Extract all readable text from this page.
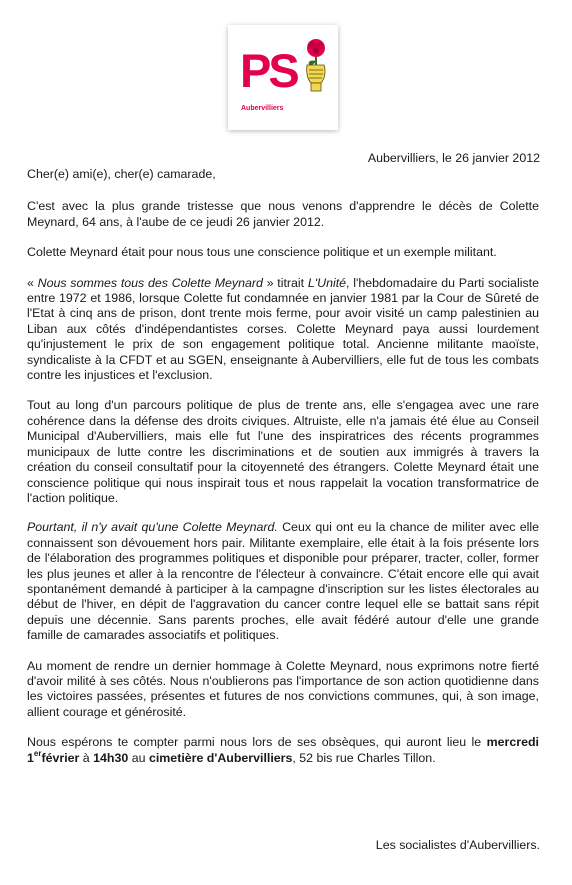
PS
Aubervilliers
Aubervilliers, le 26 janvier 2012

Cher(e) ami(e), cher(e) camarade,

C'est avec la plus grande tristesse que nous venons d'apprendre le décès de Colette Meynard, 64 ans, à l'aube de ce jeudi 26 janvier 2012.

Colette Meynard était pour nous tous une conscience politique et un exemple militant.

« Nous sommes tous des Colette Meynard » titrait L'Unité, l'hebdomadaire du Parti socialiste entre 1972 et 1986, lorsque Colette fut condamnée en janvier 1981 par la Cour de Sûreté de l'Etat à cinq ans de prison, dont trente mois ferme, pour avoir visité un camp palestinien au Liban aux côtés d'indépendantistes corses. Colette Meynard paya aussi lourdement qu'injustement le prix de son engagement politique total. Ancienne militante maoïste, syndicaliste à la CFDT et au SGEN, enseignante à Aubervilliers, elle fut de tous les combats contre les injustices et l'exclusion.

Tout au long d'un parcours politique de plus de trente ans, elle s'engagea avec une rare cohérence dans la défense des droits civiques. Altruiste, elle n'a jamais été élue au Conseil Municipal d'Aubervilliers, mais elle fut l'une des inspiratrices des récents programmes municipaux de lutte contre les discriminations et de soutien aux immigrés à travers la création du conseil consultatif pour la citoyenneté des étrangers. Colette Meynard était une conscience politique qui nous inspirait tous et nous rappelait la vocation transformatrice de l'action politique.

Pourtant, il n'y avait qu'une Colette Meynard. Ceux qui ont eu la chance de militer avec elle connaissent son dévouement hors pair. Militante exemplaire, elle était à la fois présente lors de l'élaboration des programmes politiques et disponible pour préparer, tracter, coller, former les plus jeunes et aller à la rencontre de l'électeur à convaincre. C'était encore elle qui avait spontanément demandé à participer à la campagne d'inscription sur les listes électorales au début de l'hiver, en dépit de l'aggravation du cancer contre lequel elle se battait sans répit depuis une décennie. Sans parents proches, elle avait fédéré autour d'elle une grande famille de camarades associatifs et politiques.

Au moment de rendre un dernier hommage à Colette Meynard, nous exprimons notre fierté d'avoir milité à ses côtés. Nous n'oublierons pas l'importance de son action quotidienne dans les victoires passées, présentes et futures de nos convictions communes, qui, à son image, allient courage et générosité.

Nous espérons te compter parmi nous lors de ses obsèques, qui auront lieu le mercredi 1erfévrier à 14h30 au cimetière d'Aubervilliers, 52 bis rue Charles Tillon.

Les socialistes d'Aubervilliers.
